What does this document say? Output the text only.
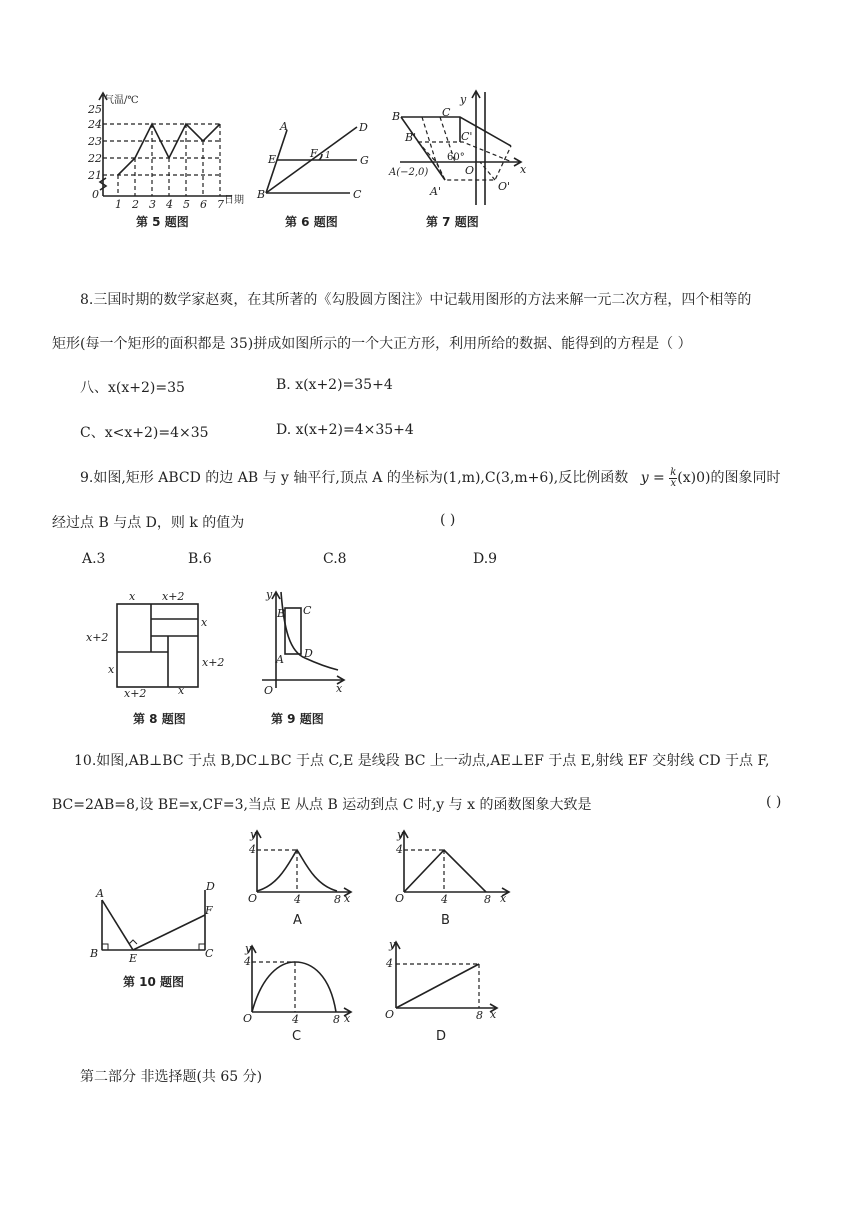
气温/℃
日期
25
24
23
22
21
0
1 2 3 4 5 6 7
第 5 题图
A	D
E	F 1	G
B	C
第 6 题图
y
B	C
B'	C'
60°
A(−2,0)	O	x
A'	O'
第 7 题图
8.三国时期的数学家赵爽，在其所著的《勾股圆方图注》中记载用图形的方法来解一元二次方程，四个相等的
矩形(每一个矩形的面积都是 35)拼成如图所示的一个大正方形，利用所给的数据、能得到的方程是（ ）
八、x(x+2)=35	B. x(x+2)=35+4
C、x<x+2)=4×35	D. x(x+2)=4×35+4
9.如图,矩形 ABCD 的边 AB 与 y 轴平行,顶点 A 的坐标为(1,m),C(3,m+6),反比例函数 $y = \frac{k}{x} (x)0$)的图象同时
经过点 B 与点 D，则 k 的值为	( )
A.3	B.6	C.8	D.9
x x+2
x
x+2
x+2
x
x+2	x
第 8 题图
y
B C
A D
O	x
第 9 题图
10.如图,AB⊥BC 于点 B,DC⊥BC 于点 C,E 是线段 BC 上一动点,AE⊥EF 于点 E,射线 EF 交射线 CD 于点 F,
BC=2AB=8,设 BE=x,CF=3,当点 E 从点 B 运动到点 C 时,y 与 x 的函数图象大致是	( )
A
D
F
B	E	C
第 10 题图
y
O	x
4
4	8
A
y
O	x
4
4	8
B
y
O	x
4
4	8
C
y
O	x
4
8
D
第二部分 非选择题(共 65 分)
